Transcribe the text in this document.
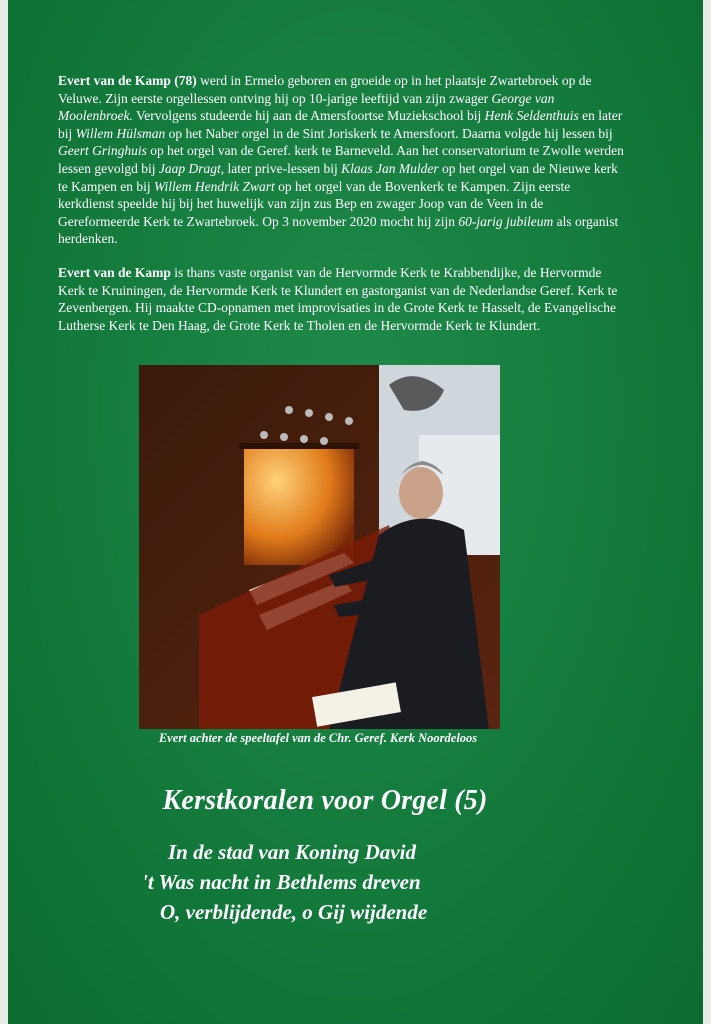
Evert van de Kamp (78) werd in Ermelo geboren en groeide op in het plaatsje Zwartebroek op de Veluwe. Zijn eerste orgellessen ontving hij op 10-jarige leeftijd van zijn zwager George van Moolenbroek. Vervolgens studeerde hij aan de Amersfoortse Muziekschool bij Henk Seldenthuis en later bij Willem Hülsman op het Naber orgel in de Sint Joriskerk te Amersfoort. Daarna volgde hij lessen bij Geert Gringhuis op het orgel van de Geref. kerk te Barneveld. Aan het conservatorium te Zwolle werden lessen gevolgd bij Jaap Dragt, later prive-lessen bij Klaas Jan Mulder op het orgel van de Nieuwe kerk te Kampen en bij Willem Hendrik Zwart op het orgel van de Bovenkerk te Kampen. Zijn eerste kerkdienst speelde hij bij het huwelijk van zijn zus Bep en zwager Joop van de Veen in de Gereformeerde Kerk te Zwartebroek. Op 3 november 2020 mocht hij zijn 60-jarig jubileum als organist herdenken.

Evert van de Kamp is thans vaste organist van de Hervormde Kerk te Krabbendijke, de Hervormde Kerk te Kruiningen, de Hervormde Kerk te Klundert en gastorganist van de Nederlandse Geref. Kerk te Zevenbergen. Hij maakte CD-opnamen met improvisaties in de Grote Kerk te Hasselt, de Evangelische Lutherse Kerk te Den Haag, de Grote Kerk te Tholen en de Hervormde Kerk te Klundert.

Evert achter de speeltafel van de Chr. Geref. Kerk Noordeloos
Kerstkoralen voor Orgel (5)
In de stad van Koning David
't Was nacht in Bethlems dreven
O, verblijdende, o Gij wijdende
